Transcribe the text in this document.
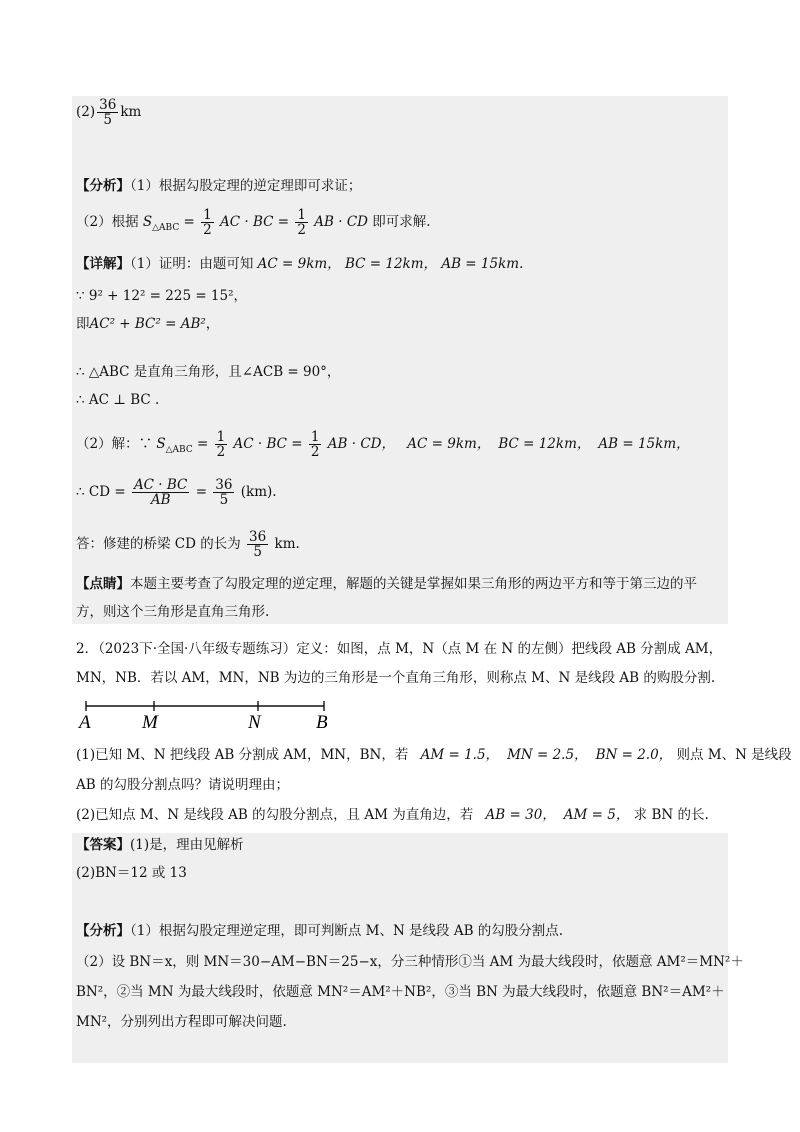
$(2) \frac{36}{5}$ km
【分析】（1）根据勾股定理的逆定理即可求证；
（2）根据 $S_{\triangle ABC} = \frac{1}{2}$ AC · BC = $\frac{1}{2}$ AB · CD 即可求解.
【详解】（1）证明：由题可知 AC = 9km， BC = 12km， AB = 15km.
∵ 9² + 12² = 225 = 15²，
即AC² + BC² = AB²，
∴ △ABC 是直角三角形，且∠ACB = 90°，
∴ AC ⊥ BC .
（2）解：∵ $S_{\triangle ABC} = \frac{1}{2}$ AC · BC = $\frac{1}{2}$ AB · CD， AC = 9km， BC = 12km， AB = 15km，
∴ CD = $\frac{AC \cdot BC}{AB} = \frac{36}{5} (km)$.
答：修建的桥梁 CD 的长为 $\frac{36}{5}$ km.
【点睛】本题主要考查了勾股定理的逆定理，解题的关键是掌握如果三角形的两边平方和等于第三边的平
方，则这个三角形是直角三角形.
2．（2023下·全国·八年级专题练习）定义：如图，点 M，N（点 M 在 N 的左侧）把线段 AB 分割成 AM，
MN，NB．若以 AM，MN，NB 为边的三角形是一个直角三角形，则称点 M、N 是线段 AB 的购股分割.
A	M	N	B
(1)已知 M、N 把线段 AB 分割成 AM，MN，BN，若 AM = 1.5， MN = 2.5， BN = 2.0， 则点 M、N 是线段
AB 的勾股分割点吗？请说明理由；
(2)已知点 M、N 是线段 AB 的勾股分割点，且 AM 为直角边，若 AB = 30， AM = 5， 求 BN 的长.
【答案】(1)是，理由见解析
(2)BN＝12 或 13
【分析】（1）根据勾股定理逆定理，即可判断点 M、N 是线段 AB 的勾股分割点.
（2）设 BN＝x，则 MN＝30−AM−BN＝25−x，分三种情形①当 AM 为最大线段时，依题意 AM²＝MN²＋
BN²，②当 MN 为最大线段时，依题意 MN²＝AM²＋NB²，③当 BN 为最大线段时，依题意 BN²＝AM²＋
MN²，分别列出方程即可解决问题.
